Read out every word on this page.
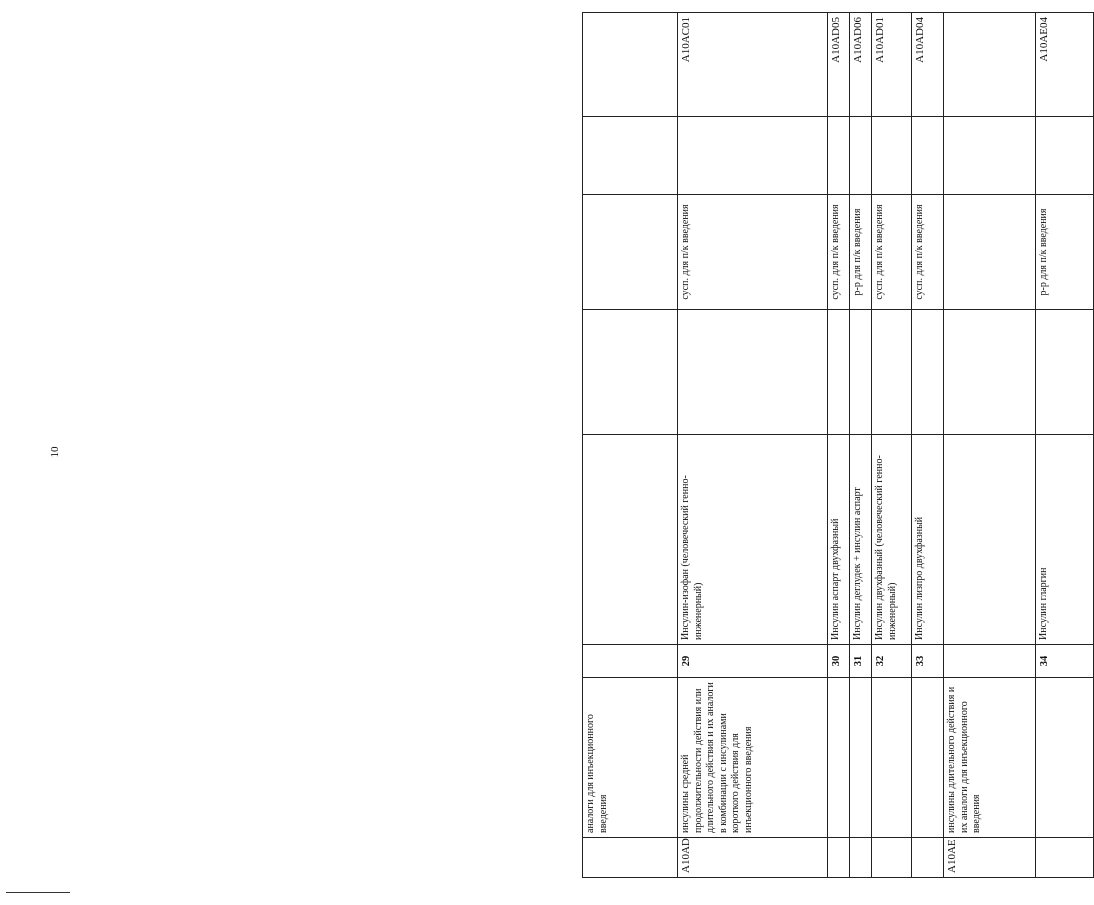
10
	аналоги для инъекционного введения						
A10AD	инсулины средней продолжительности действия или длительного действия и их аналоги в комбинации с инсулинами короткого действия для инъекционного введения	29	Инсулин-изофан (человеческий генно-инженерный)		сусп. для п/к введения		A10AC01
		30	Инсулин аспарт двухфазный		сусп. для п/к введения		A10AD05
		31	Инсулин деглудек + инсулин аспарт		р-р для п/к введения		A10AD06
		32	Инсулин двухфазный (человеческий генно-инженерный)		сусп. для п/к введения		A10AD01
		33	Инсулин лизпро двухфазный		сусп. для п/к введения		A10AD04
A10AE	инсулины длительного действия и их аналоги для инъекционного введения						
		34	Инсулин гларгин		р-р для п/к введения		A10AE04
